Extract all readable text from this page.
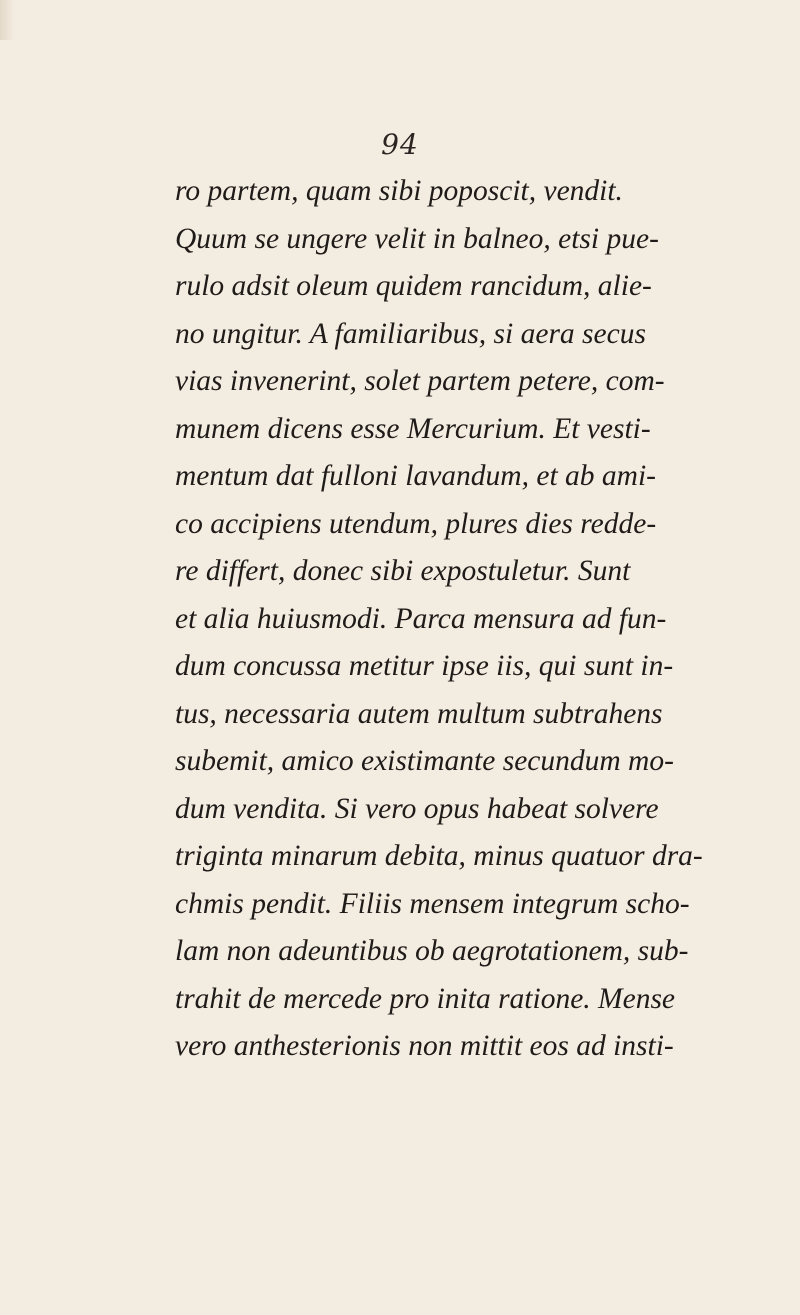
94
ro partem, quam sibi poposcit, vendit.
Quum se ungere velit in balneo, etsi pue-
rulo adsit oleum quidem rancidum, alie-
no ungitur. A familiaribus, si aera secus
vias invenerint, solet partem petere, com-
munem dicens esse Mercurium. Et vesti-
mentum dat fulloni lavandum, et ab ami-
co accipiens utendum, plures dies redde-
re differt, donec sibi expostuletur. Sunt
et alia huiusmodi. Parca mensura ad fun-
dum concussa metitur ipse iis, qui sunt in-
tus, necessaria autem multum subtrahens
subemit, amico existimante secundum mo-
dum vendita. Si vero opus habeat solvere
triginta minarum debita, minus quatuor dra-
chmis pendit. Filiis mensem integrum scho-
lam non adeuntibus ob aegrotationem, sub-
trahit de mercede pro inita ratione. Mense
vero anthesterionis non mittit eos ad insti-
